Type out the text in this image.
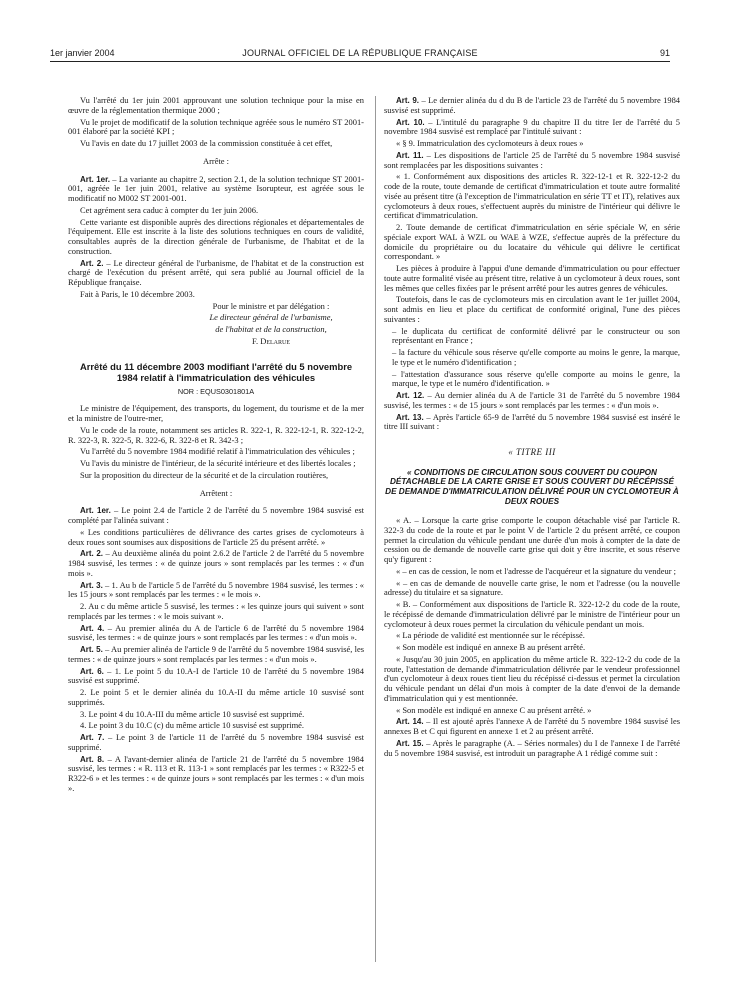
1er janvier 2004	JOURNAL OFFICIEL DE LA RÉPUBLIQUE FRANÇAISE	91

Vu l'arrêté du 1er juin 2001 approuvant une solution technique pour la mise en œuvre de la réglementation thermique 2000 ;

Vu le projet de modificatif de la solution technique agréée sous le numéro ST 2001-001 élaboré par la société KPI ;

Vu l'avis en date du 17 juillet 2003 de la commission constituée à cet effet,

Arrête :

Art. 1er. – La variante au chapitre 2, section 2.1, de la solution technique ST 2001-001, agréée le 1er juin 2001, relative au système Isoruptеur, est agréée sous le modificatif no M002 ST 2001-001.

Cet agrément sera caduc à compter du 1er juin 2006.

Cette variante est disponible auprès des directions régionales et départementales de l'équipement. Elle est inscrite à la liste des solutions techniques en cours de validité, consultables auprès de la direction générale de l'urbanisme, de l'habitat et de la construction.

Art. 2. – Le directeur général de l'urbanisme, de l'habitat et de la construction est chargé de l'exécution du présent arrêté, qui sera publié au Journal officiel de la République française.

Fait à Paris, le 10 décembre 2003.

Pour le ministre et par délégation :

Le directeur général de l'urbanisme,

de l'habitat et de la construction,

F. Delarue

Arrêté du 11 décembre 2003 modifiant l'arrêté du 5 novembre 1984 relatif à l'immatriculation des véhicules
NOR : EQUS0301801A

Le ministre de l'équipement, des transports, du logement, du tourisme et de la mer et la ministre de l'outre-mer,

Vu le code de la route, notamment ses articles R. 322-1, R. 322-12-1, R. 322-12-2, R. 322-3, R. 322-5, R. 322-6, R. 322-8 et R. 342-3 ;

Vu l'arrêté du 5 novembre 1984 modifié relatif à l'immatriculation des véhicules ;

Vu l'avis du ministre de l'intérieur, de la sécurité intérieure et des libertés locales ;

Sur la proposition du directeur de la sécurité et de la circulation routières,

Arrêtent :

Art. 1er. – Le point 2.4 de l'article 2 de l'arrêté du 5 novembre 1984 susvisé est complété par l'alinéa suivant :

« Les conditions particulières de délivrance des cartes grises de cyclomoteurs à deux roues sont soumises aux dispositions de l'article 25 du présent arrêté. »

Art. 2. – Au deuxième alinéa du point 2.6.2 de l'article 2 de l'arrêté du 5 novembre 1984 susvisé, les termes : « de quinze jours » sont remplacés par les termes : « d'un mois ».

Art. 3. – 1. Au b de l'article 5 de l'arrêté du 5 novembre 1984 susvisé, les termes : « les 15 jours » sont remplacés par les termes : « le mois ».

2. Au c du même article 5 susvisé, les termes : « les quinze jours qui suivent » sont remplacés par les termes : « le mois suivant ».

Art. 4. – Au premier alinéa du A de l'article 6 de l'arrêté du 5 novembre 1984 susvisé, les termes : « de quinze jours » sont remplacés par les termes : « d'un mois ».

Art. 5. – Au premier alinéa de l'article 9 de l'arrêté du 5 novembre 1984 susvisé, les termes : « de quinze jours » sont remplacés par les termes : « d'un mois ».

Art. 6. – 1. Le point 5 du 10.A-I de l'article 10 de l'arrêté du 5 novembre 1984 susvisé est supprimé.

2. Le point 5 et le dernier alinéa du 10.A-II du même article 10 susvisé sont supprimés.

3. Le point 4 du 10.A-III du même article 10 susvisé est supprimé.

4. Le point 3 du 10.C (c) du même article 10 susvisé est supprimé.

Art. 7. – Le point 3 de l'article 11 de l'arrêté du 5 novembre 1984 susvisé est supprimé.

Art. 8. – A l'avant-dernier alinéa de l'article 21 de l'arrêté du 5 novembre 1984 susvisé, les termes : « R. 113 et R. 113-1 » sont remplacés par les termes : « R322-5 et R322-6 » et les termes : « de quinze jours » sont remplacés par les termes : « d'un mois ».

Art. 9. – Le dernier alinéa du d du B de l'article 23 de l'arrêté du 5 novembre 1984 susvisé est supprimé.

Art. 10. – L'intitulé du paragraphe 9 du chapitre II du titre Ier de l'arrêté du 5 novembre 1984 susvisé est remplacé par l'intitulé suivant :

« § 9. Immatriculation des cyclomoteurs à deux roues »

Art. 11. – Les dispositions de l'article 25 de l'arrêté du 5 novembre 1984 susvisé sont remplacées par les dispositions suivantes :

« 1. Conformément aux dispositions des articles R. 322-12-1 et R. 322-12-2 du code de la route, toute demande de certificat d'immatriculation et toute autre formalité visée au présent titre (à l'exception de l'immatriculation en série TT et IT), relatives aux cyclomoteurs à deux roues, s'effectuent auprès du ministre de l'intérieur qui délivre le certificat d'immatriculation.

2. Toute demande de certificat d'immatriculation en série spéciale W, en série spéciale export WAL à WZL ou WAE à WZE, s'effectue auprès de la préfecture du domicile du propriétaire ou du locataire du véhicule qui délivre le certificat correspondant. »

Les pièces à produire à l'appui d'une demande d'immatriculation ou pour effectuer toute autre formalité visée au présent titre, relative à un cyclomoteur à deux roues, sont les mêmes que celles fixées par le présent arrêté pour les autres genres de véhicules.

Toutefois, dans le cas de cyclomoteurs mis en circulation avant le 1er juillet 2004, sont admis en lieu et place du certificat de conformité original, l'une des pièces suivantes :

– le duplicata du certificat de conformité délivré par le constructeur ou son représentant en France ;

– la facture du véhicule sous réserve qu'elle comporte au moins le genre, la marque, le type et le numéro d'identification ;

– l'attestation d'assurance sous réserve qu'elle comporte au moins le genre, la marque, le type et le numéro d'identification. »

Art. 12. – Au dernier alinéa du A de l'article 31 de l'arrêté du 5 novembre 1984 susvisé, les termes : « de 15 jours » sont remplacés par les termes : « d'un mois ».

Art. 13. – Après l'article 65-9 de l'arrêté du 5 novembre 1984 susvisé est inséré le titre III suivant :

« TITRE III
« CONDITIONS DE CIRCULATION SOUS COUVERT DU COUPON DÉTACHABLE DE LA CARTE GRISE ET SOUS COUVERT DU RÉCÉPISSÉ DE DEMANDE D'IMMATRICULATION DÉLIVRÉ POUR UN CYCLOMOTEUR À DEUX ROUES

« A. – Lorsque la carte grise comporte le coupon détachable visé par l'article R. 322-3 du code de la route et par le point V de l'article 2 du présent arrêté, ce coupon permet la circulation du véhicule pendant une durée d'un mois à compter de la date de cession ou de demande de nouvelle carte grise qui doit y être inscrite, et sous réserve qu'y figurent :

« – en cas de cession, le nom et l'adresse de l'acquéreur et la signature du vendeur ;

« – en cas de demande de nouvelle carte grise, le nom et l'adresse (ou la nouvelle adresse) du titulaire et sa signature.

« B. – Conformément aux dispositions de l'article R. 322-12-2 du code de la route, le récépissé de demande d'immatriculation délivré par le ministre de l'intérieur pour un cyclomoteur à deux roues permet la circulation du véhicule pendant un mois.

« La période de validité est mentionnée sur le récépissé.

« Son modèle est indiqué en annexe B au présent arrêté.

« Jusqu'au 30 juin 2005, en application du même article R. 322-12-2 du code de la route, l'attestation de demande d'immatriculation délivrée par le vendeur professionnel d'un cyclomoteur à deux roues tient lieu du récépissé ci-dessus et permet la circulation du véhicule pendant un délai d'un mois à compter de la date d'envoi de la demande d'immatriculation qui y est mentionnée.

« Son modèle est indiqué en annexe C au présent arrêté. »

Art. 14. – Il est ajouté après l'annexe A de l'arrêté du 5 novembre 1984 susvisé les annexes B et C qui figurent en annexe 1 et 2 au présent arrêté.

Art. 15. – Après le paragraphe (A. – Séries normales) du I de l'annexe I de l'arrêté du 5 novembre 1984 susvisé, est introduit un paragraphe A 1 rédigé comme suit :
